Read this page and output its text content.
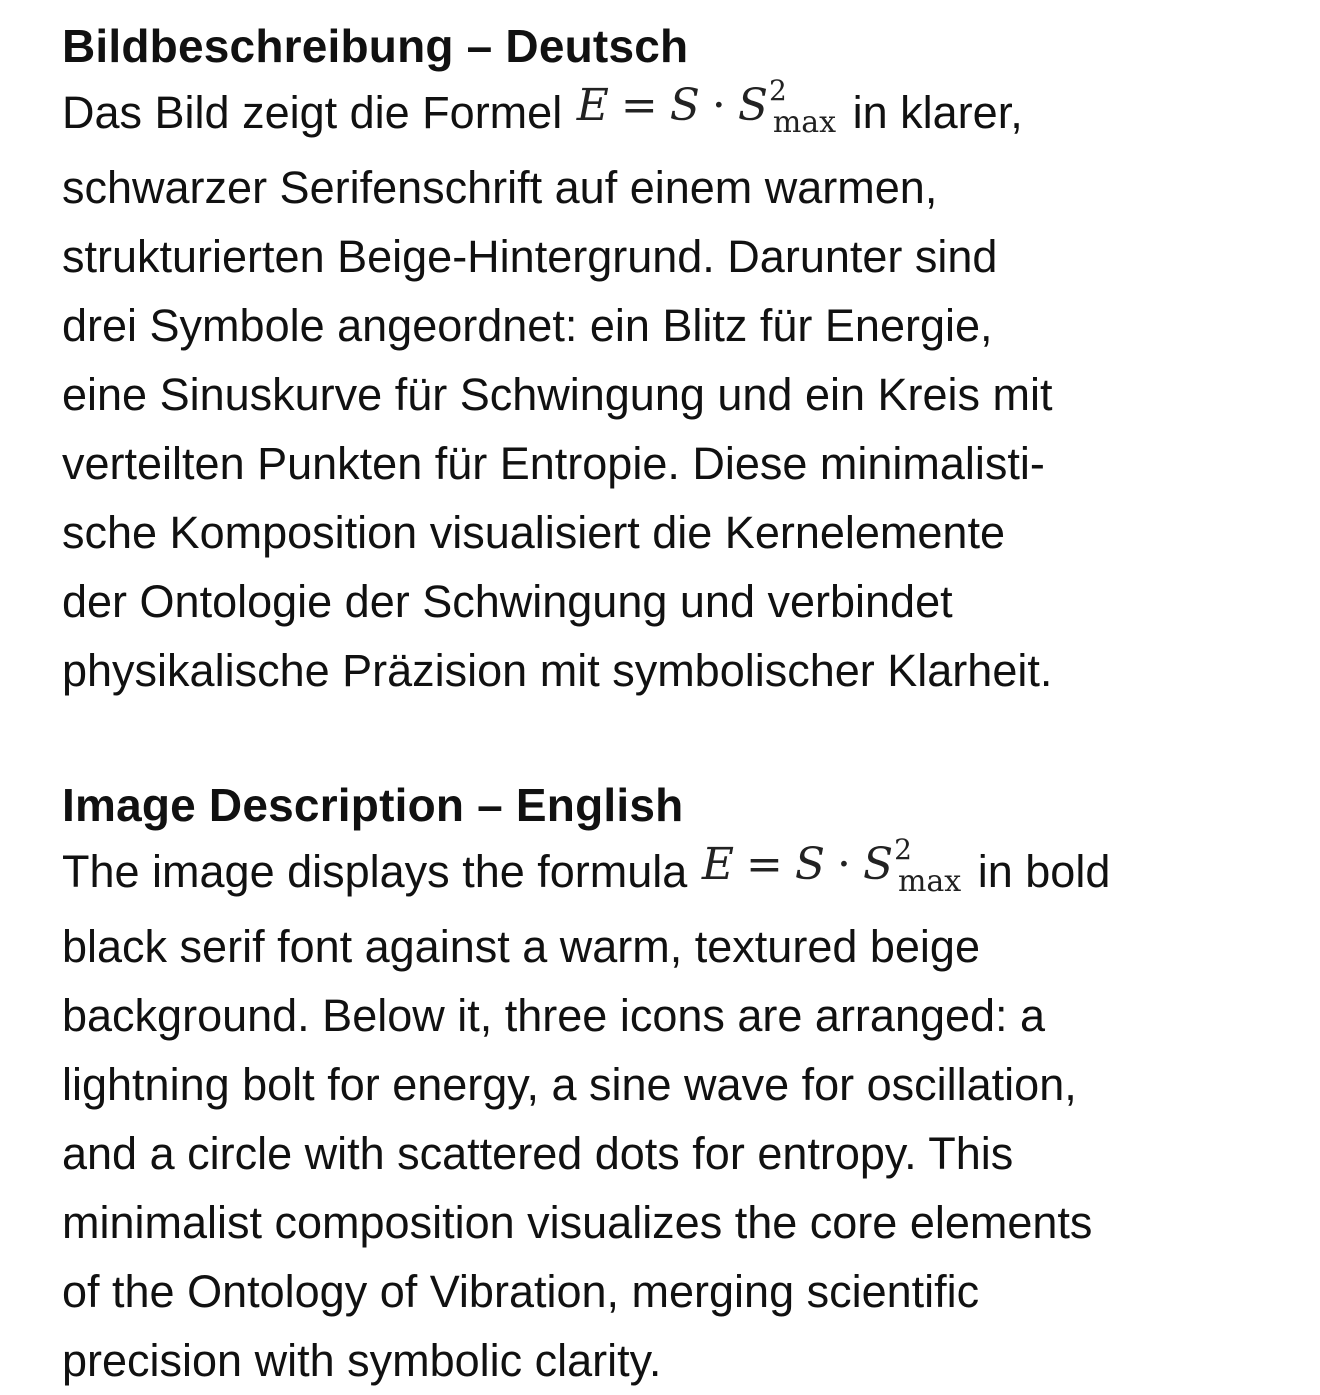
Bildbeschreibung – Deutsch

Das Bild zeigt die Formel $E = S \cdot S^2_{max}$ in klarer,
schwarzer Serifenschrift auf einem warmen,
strukturierten Beige-Hintergrund. Darunter sind
drei Symbole angeordnet: ein Blitz für Energie,
eine Sinuskurve für Schwingung und ein Kreis mit
verteilten Punkten für Entropie. Diese minimalisti-
sche Komposition visualisiert die Kernelemente
der Ontologie der Schwingung und verbindet
physikalische Präzision mit symbolischer Klarheit.

Image Description – English

The image displays the formula $E = S \cdot S^2_{max}$ in bold
black serif font against a warm, textured beige
background. Below it, three icons are arranged: a
lightning bolt for energy, a sine wave for oscillation,
and a circle with scattered dots for entropy. This
minimalist composition visualizes the core elements
of the Ontology of Vibration, merging scientific
precision with symbolic clarity.
